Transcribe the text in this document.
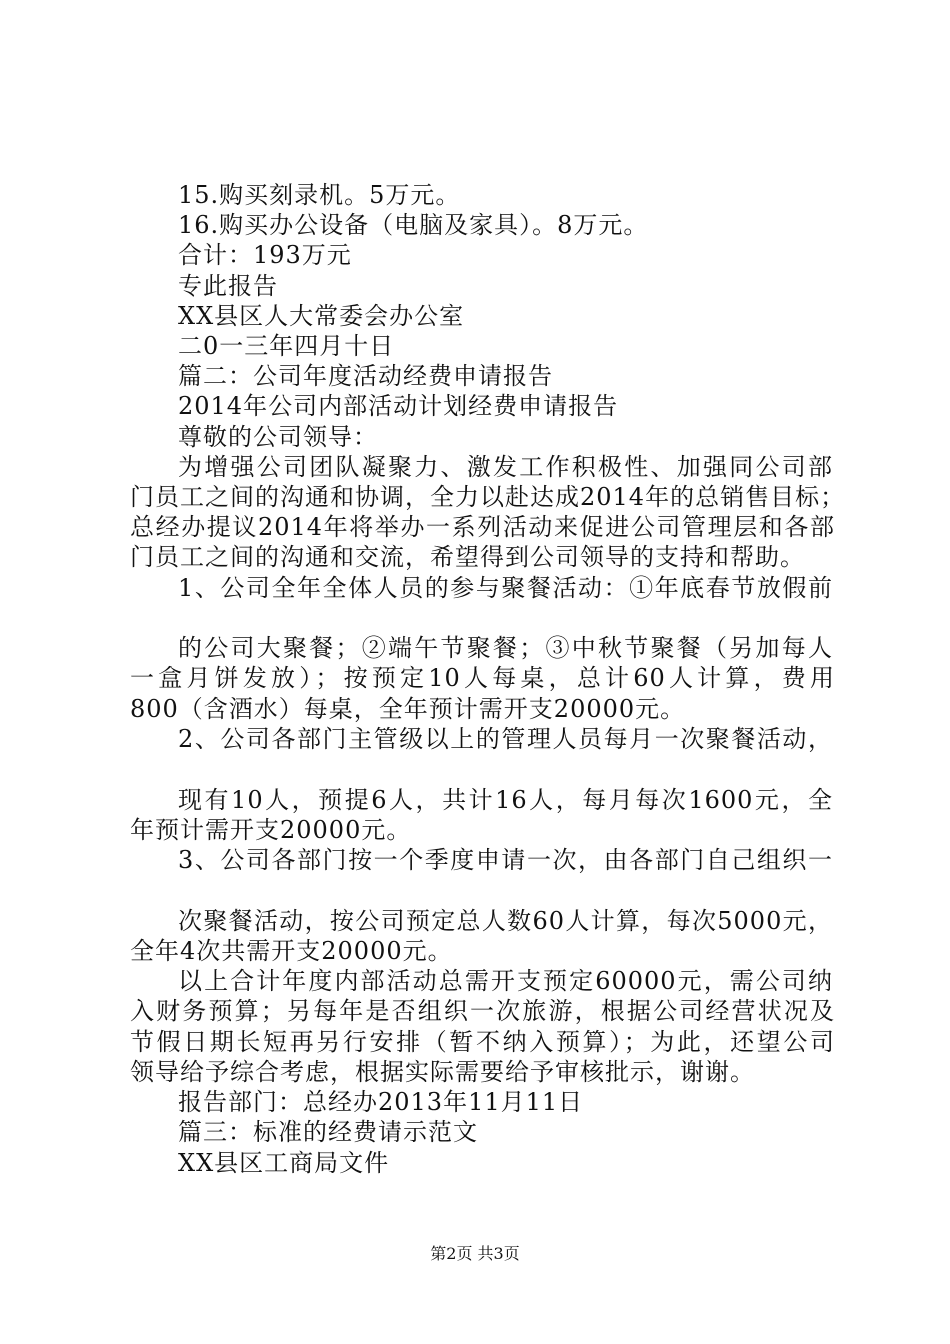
15.购买刻录机。5万元。

16.购买办公设备（电脑及家具）。8万元。

合计：193万元

专此报告

XX县区人大常委会办公室

二0一三年四月十日

篇二：公司年度活动经费申请报告

2014年公司内部活动计划经费申请报告

尊敬的公司领导：

为增强公司团队凝聚力、激发工作积极性、加强同公司部

门员工之间的沟通和协调，全力以赴达成2014年的总销售目标；

总经办提议2014年将举办一系列活动来促进公司管理层和各部

门员工之间的沟通和交流，希望得到公司领导的支持和帮助。

1、公司全年全体人员的参与聚餐活动：①年底春节放假前

的公司大聚餐；②端午节聚餐；③中秋节聚餐（另加每人

一盒月饼发放）；按预定10人每桌，总计60人计算，费用

800（含酒水）每桌，全年预计需开支20000元。

2、公司各部门主管级以上的管理人员每月一次聚餐活动，

现有10人，预提6人，共计16人，每月每次1600元，全

年预计需开支20000元。

3、公司各部门按一个季度申请一次，由各部门自己组织一

次聚餐活动，按公司预定总人数60人计算，每次5000元，

全年4次共需开支20000元。

以上合计年度内部活动总需开支预定60000元，需公司纳

入财务预算；另每年是否组织一次旅游，根据公司经营状况及

节假日期长短再另行安排（暂不纳入预算）；为此，还望公司

领导给予综合考虑，根据实际需要给予审核批示，谢谢。

报告部门：总经办2013年11月11日

篇三：标准的经费请示范文

XX县区工商局文件

第2页 共3页
